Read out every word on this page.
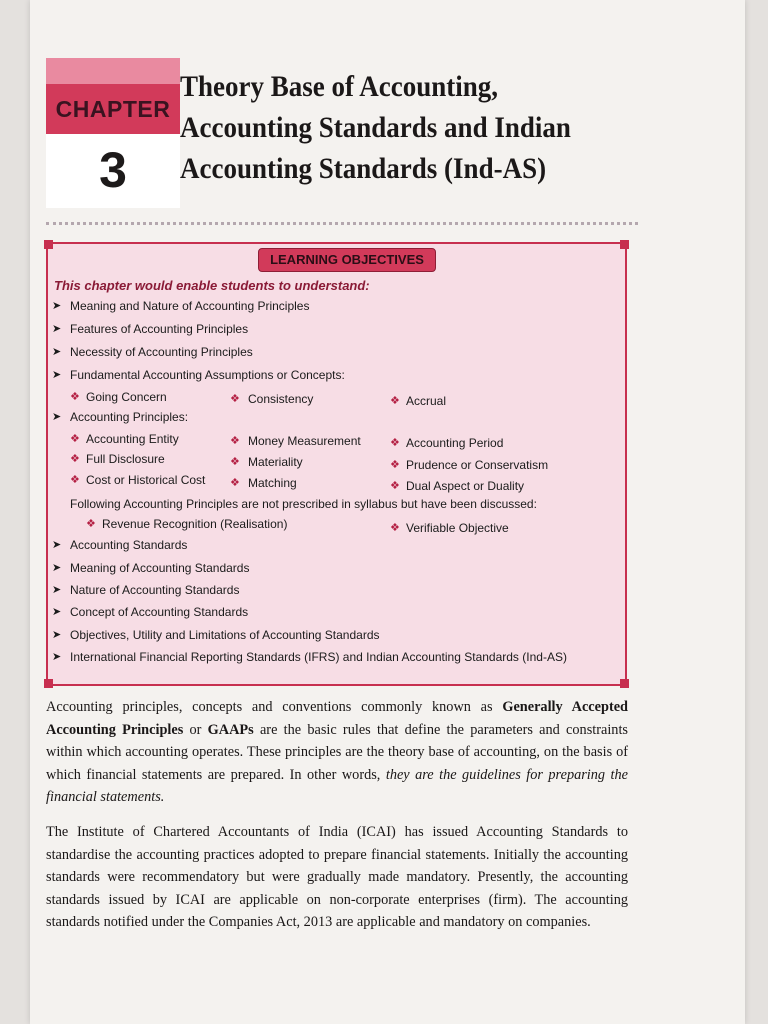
CHAPTER
3
Theory Base of Accounting,
Accounting Standards and Indian
Accounting Standards (Ind-AS)
LEARNING OBJECTIVES
This chapter would enable students to understand:
➤ Meaning and Nature of Accounting Principles
➤ Features of Accounting Principles
➤ Necessity of Accounting Principles
➤ Fundamental Accounting Assumptions or Concepts:
❖ Going Concern	❖ Consistency	❖ Accrual
➤ Accounting Principles:
❖ Accounting Entity	❖ Money Measurement	❖ Accounting Period
❖ Full Disclosure	❖ Materiality	❖ Prudence or Conservatism
❖ Cost or Historical Cost ❖ Matching	❖ Dual Aspect or Duality
Following Accounting Principles are not prescribed in syllabus but have been discussed:
❖ Revenue Recognition (Realisation)	❖ Verifiable Objective
➤ Accounting Standards
➤ Meaning of Accounting Standards
➤ Nature of Accounting Standards
➤ Concept of Accounting Standards
➤ Objectives, Utility and Limitations of Accounting Standards
➤ International Financial Reporting Standards (IFRS) and Indian Accounting Standards (Ind-AS)

Accounting principles, concepts and conventions commonly known as Generally Accepted Accounting Principles or GAAPs are the basic rules that define the parameters and constraints within which accounting operates. These principles are the theory base of accounting, on the basis of which financial statements are prepared. In other words, they are the guidelines for preparing the financial statements.

The Institute of Chartered Accountants of India (ICAI) has issued Accounting Standards to standardise the accounting practices adopted to prepare financial statements. Initially the accounting standards were recommendatory but were gradually made mandatory. Presently, the accounting standards issued by ICAI are applicable on non-corporate enterprises (firm). The accounting standards notified under the Companies Act, 2013 are applicable and mandatory on companies.
